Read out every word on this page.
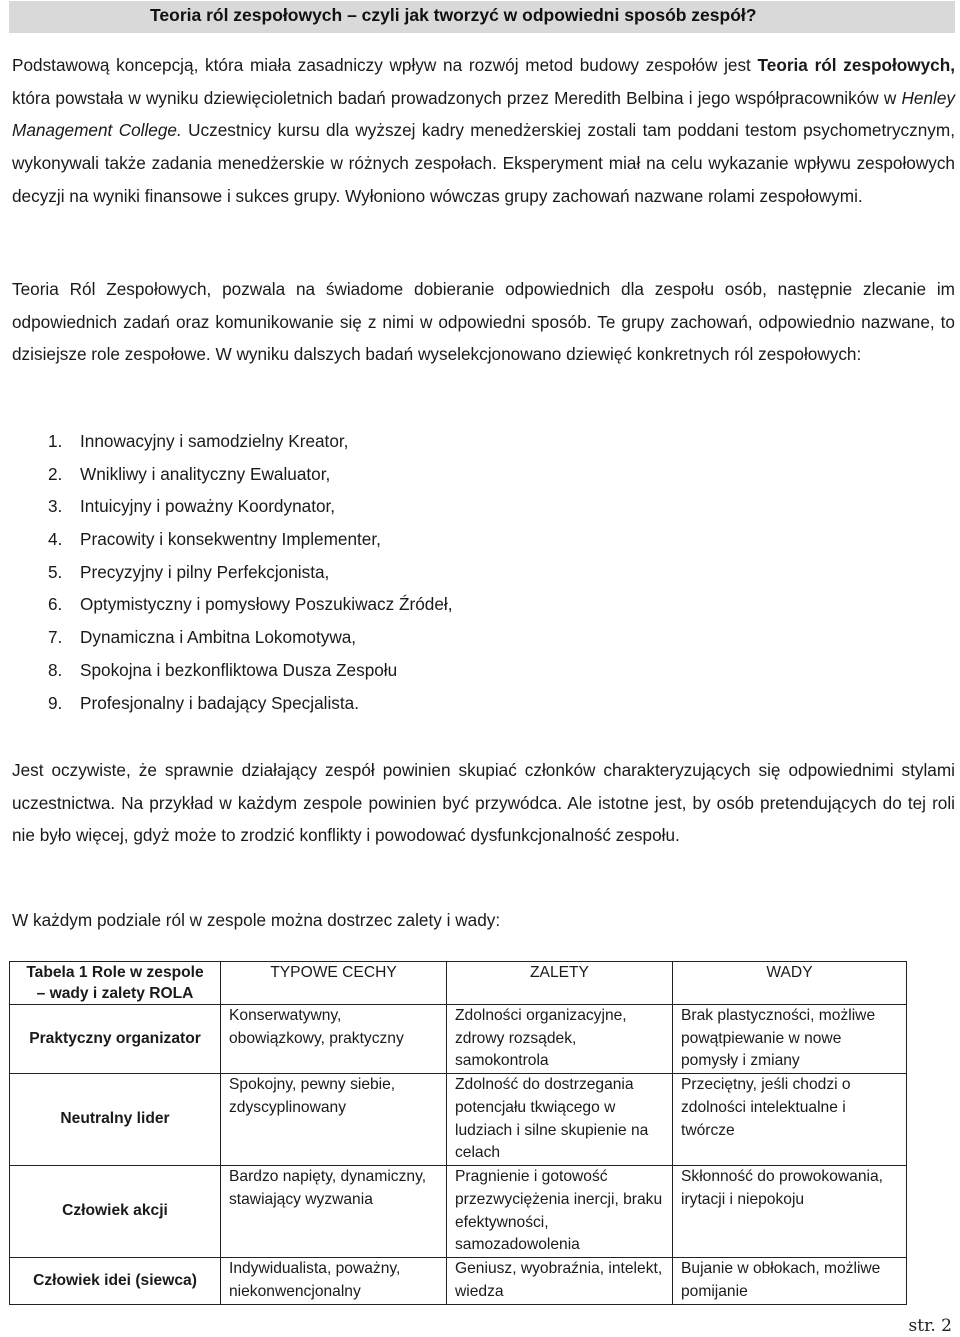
Teoria ról zespołowych – czyli jak tworzyć w odpowiedni sposób zespół?

Podstawową koncepcją, która miała zasadniczy wpływ na rozwój metod budowy zespołów jest Teoria ról zespołowych, która powstała w wyniku dziewięcioletnich badań prowadzonych przez Meredith Belbina i jego współpracowników w Henley Management College. Uczestnicy kursu dla wyższej kadry menedżerskiej zostali tam poddani testom psychometrycznym, wykonywali także zadania menedżerskie w różnych zespołach. Eksperyment miał na celu wykazanie wpływu zespołowych decyzji na wyniki finansowe i sukces grupy. Wyłoniono wówczas grupy zachowań nazwane rolami zespołowymi.

Teoria Ról Zespołowych, pozwala na świadome dobieranie odpowiednich dla zespołu osób, następnie zlecanie im odpowiednich zadań oraz komunikowanie się z nimi w odpowiedni sposób. Te grupy zachowań, odpowiednio nazwane, to dzisiejsze role zespołowe. W wyniku dalszych badań wyselekcjonowano dziewięć konkretnych ról zespołowych:

1. Innowacyjny i samodzielny Kreator,
2. Wnikliwy i analityczny Ewaluator,
3. Intuicyjny i poważny Koordynator,
4. Pracowity i konsekwentny Implementer,
5. Precyzyjny i pilny Perfekcjonista,
6. Optymistyczny i pomysłowy Poszukiwacz Źródeł,
7. Dynamiczna i Ambitna Lokomotywa,
8. Spokojna i bezkonfliktowa Dusza Zespołu
9. Profesjonalny i badający Specjalista.

Jest oczywiste, że sprawnie działający zespół powinien skupiać członków charakteryzujących się odpowiednimi stylami uczestnictwa. Na przykład w każdym zespole powinien być przywódca. Ale istotne jest, by osób pretendujących do tej roli nie było więcej, gdyż może to zrodzić konflikty i powodować dysfunkcjonalność zespołu.

W każdym podziale ról w zespole można dostrzec zalety i wady:

Tabela 1 Role w zespole
– wady i zalety ROLA	TYPOWE CECHY	ZALETY	WADY
Praktyczny organizator	Konserwatywny, obowiązkowy, praktyczny	Zdolności organizacyjne, zdrowy rozsądek, samokontrola	Brak plastyczności, możliwe powątpiewanie w nowe pomysły i zmiany
Neutralny lider	Spokojny, pewny siebie, zdyscyplinowany	Zdolność do dostrzegania potencjału tkwiącego w ludziach i silne skupienie na celach	Przeciętny, jeśli chodzi o zdolności intelektualne i twórcze
Człowiek akcji	Bardzo napięty, dynamiczny, stawiający wyzwania	Pragnienie i gotowość przezwyciężenia inercji, braku efektywności, samozadowolenia	Skłonność do prowokowania, irytacji i niepokoju
Człowiek idei (siewca)	Indywidualista, poważny, niekonwencjonalny	Geniusz, wyobraźnia, intelekt, wiedza	Bujanie w obłokach, możliwe pomijanie
str. 2
